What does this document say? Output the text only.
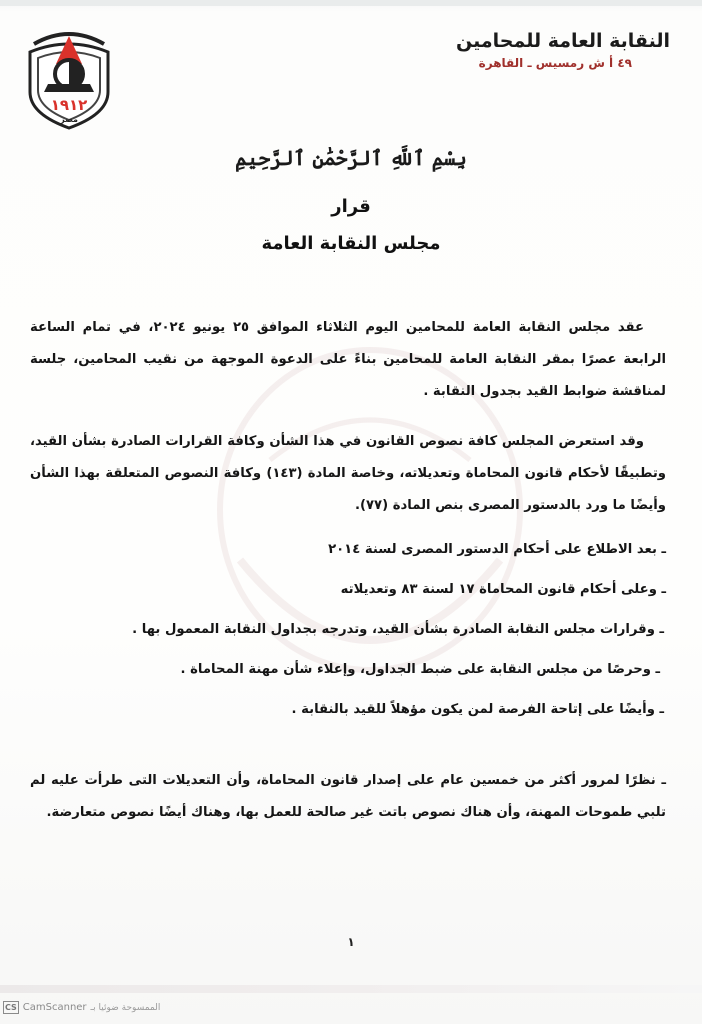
١٩١٢
مصر
النقابة العامة للمحامين
٤٩ أ ش رمسيس ـ القاهرة
بِسْمِ ٱللَّهِ ٱلرَّحْمَٰنِ ٱلرَّحِيمِ
قرار
مجلس النقابة العامة
عقد مجلس النقابة العامة للمحامين اليوم الثلاثاء الموافق ٢٥ يونيو ٢٠٢٤، في تمام الساعة الرابعة عصرًا بمقر النقابة العامة للمحامين بناءً على الدعوة الموجهة من نقيب المحامين، جلسة لمناقشة ضوابط القيد بجدول النقابة .
وقد استعرض المجلس كافة نصوص القانون في هذا الشأن وكافة القرارات الصادرة بشأن القيد، وتطبيقًا لأحكام قانون المحاماة وتعديلاته، وخاصة المادة (١٤٣) وكافة النصوص المتعلقة بهذا الشأن وأيضًا ما ورد بالدستور المصرى بنص المادة (٧٧).
ـ بعد الاطلاع على أحكام الدستور المصرى لسنة ٢٠١٤
ـ وعلى أحكام قانون المحاماة ١٧ لسنة ٨٣ وتعديلاته
ـ وقرارات مجلس النقابة الصادرة بشأن القيد، وتدرجه بجداول النقابة المعمول بها .
ـ وحرصًا من مجلس النقابة على ضبط الجداول، وإعلاء شأن مهنة المحاماة .
ـ وأيضًا على إتاحة الفرصة لمن يكون مؤهلاً للقيد بالنقابة .
ـ نظرًا لمرور أكثر من خمسين عام على إصدار قانون المحاماة، وأن التعديلات التى طرأت عليه لم تلبي طموحات المهنة، وأن هناك نصوص باتت غير صالحة للعمل بها، وهناك أيضًا نصوص متعارضة.
١
CS CamScanner الممسوحة ضوئيا بـ
